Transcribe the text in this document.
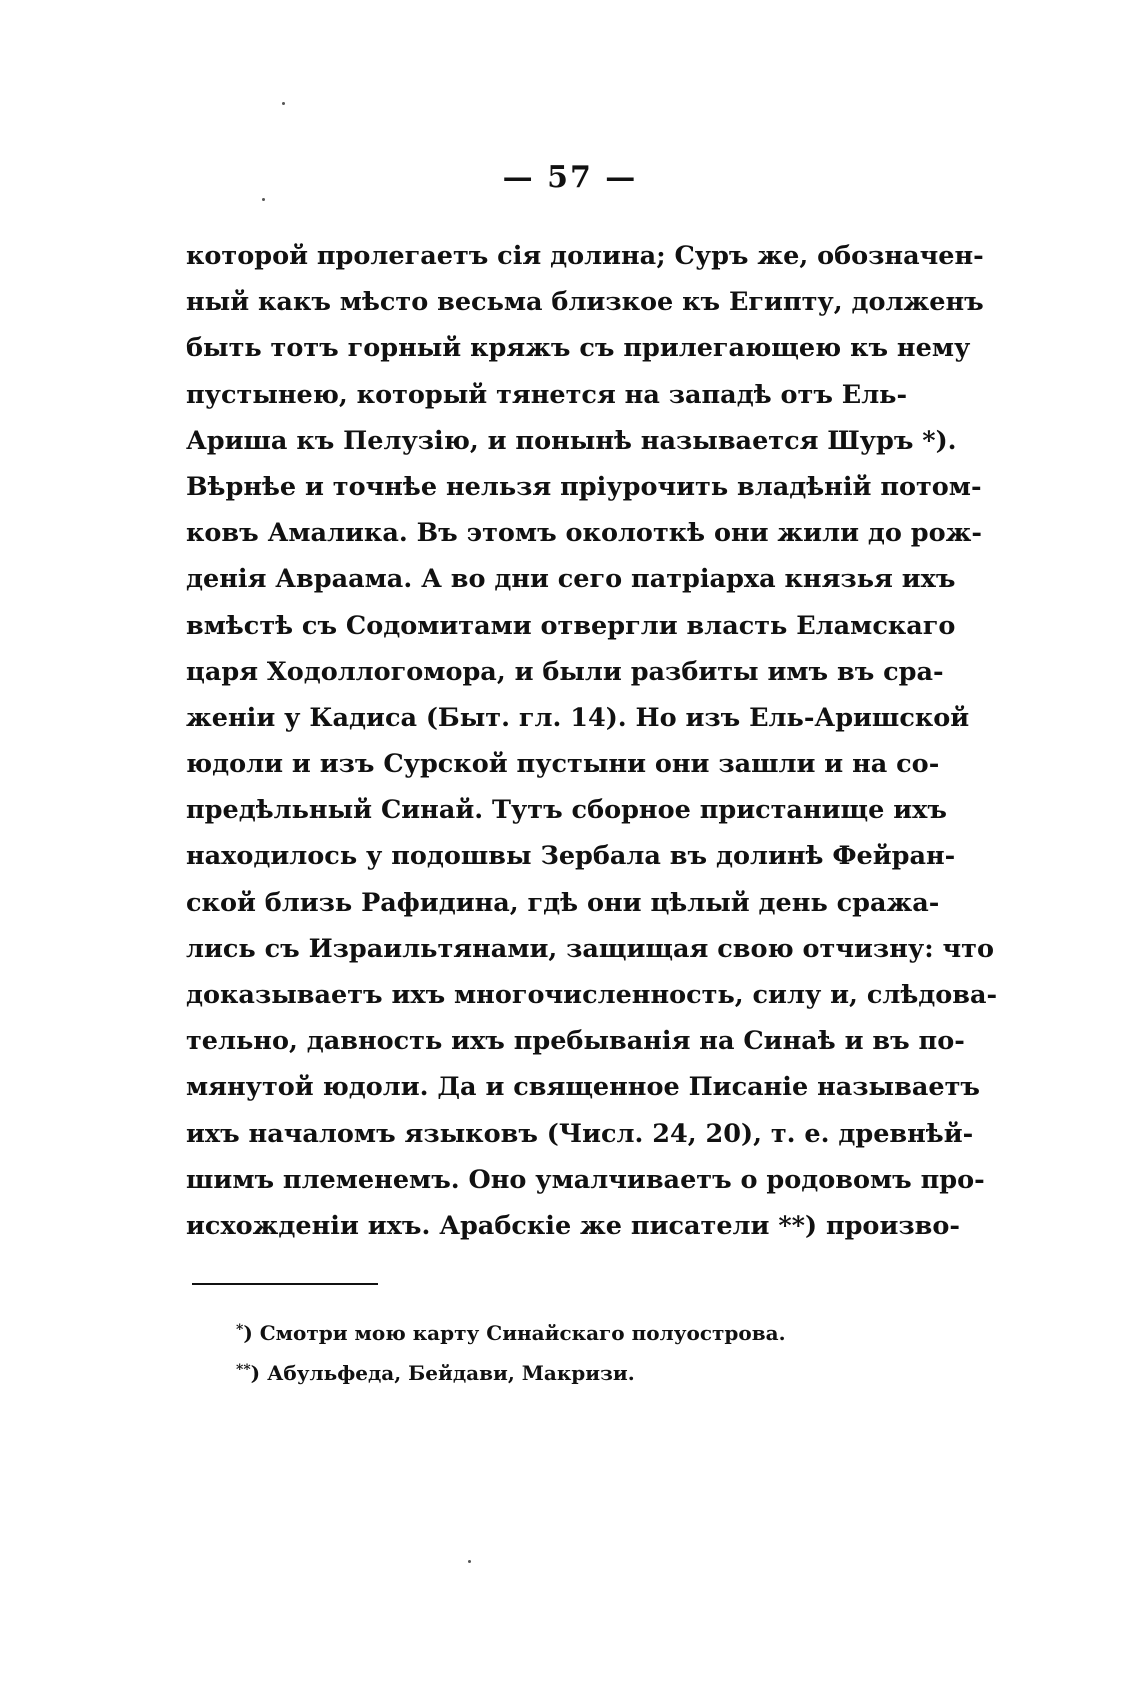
— 57 —
которой пролегаетъ сія долина; Суръ же, обозначен-
ный какъ мѣсто весьма близкое къ Египту, долженъ
быть тотъ горный кряжъ съ прилегающею къ нему
пустынею, который тянется на западѣ отъ Ель-
Ариша къ Пелузію, и понынѣ называется Шуръ *).
Вѣрнѣе и точнѣе нельзя пріурочить владѣній потом-
ковъ Амалика. Въ этомъ околоткѣ они жили до рож-
денія Авраама. А во дни сего патріарха князья ихъ
вмѣстѣ съ Содомитами отвергли власть Еламскаго
царя Ходоллогомора, и были разбиты имъ въ сра-
женіи у Кадиса (Быт. гл. 14). Но изъ Ель-Аришской
юдоли и изъ Сурской пустыни они зашли и на со-
предѣльный Синай. Тутъ сборное пристанище ихъ
находилось у подошвы Зербала въ долинѣ Фейран-
ской близь Рафидина, гдѣ они цѣлый день сража-
лись съ Израильтянами, защищая свою отчизну: что
доказываетъ ихъ многочисленность, силу и, слѣдова-
тельно, давность ихъ пребыванія на Синаѣ и въ по-
мянутой юдоли. Да и священное Писаніе называетъ
ихъ началомъ языковъ (Числ. 24, 20), т. е. древнѣй-
шимъ племенемъ. Оно умалчиваетъ о родовомъ про-
исхожденіи ихъ. Арабскіе же писатели **) произво-
*) Смотри мою карту Синайскаго полуострова.
**) Абульфеда, Бейдави, Макризи.
